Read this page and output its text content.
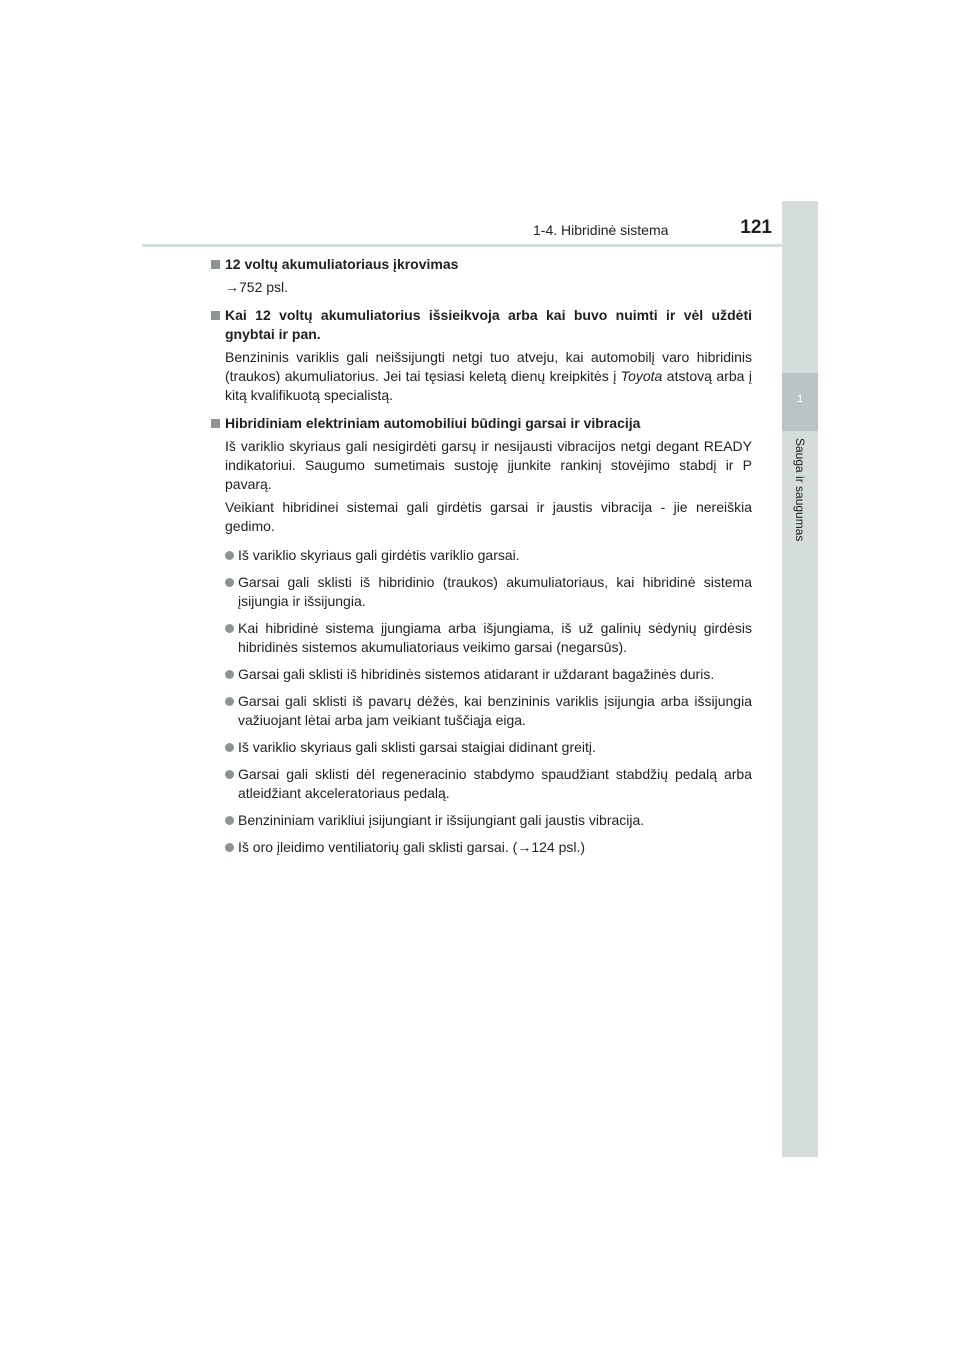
1-4. Hibridinė sistema	121
1
Sauga ir saugumas
12 voltų akumuliatoriaus įkrovimas
→752 psl.
Kai 12 voltų akumuliatorius išsieikvoja arba kai buvo nuimti ir vėl uždėti gnybtai ir pan.
Benzininis variklis gali neišsijungti netgi tuo atveju, kai automobilį varo hibridinis (traukos) akumuliatorius. Jei tai tęsiasi keletą dienų kreipkitės į Toyota atstovą arba į kitą kvalifikuotą specialistą.
Hibridiniam elektriniam automobiliui būdingi garsai ir vibracija
Iš variklio skyriaus gali nesigirdėti garsų ir nesijausti vibracijos netgi degant READY indikatoriui. Saugumo sumetimais sustoję įjunkite rankinį stovėjimo stabdį ir P pavarą.
Veikiant hibridinei sistemai gali girdėtis garsai ir jaustis vibracija - jie nereiškia gedimo.
Iš variklio skyriaus gali girdėtis variklio garsai.
Garsai gali sklisti iš hibridinio (traukos) akumuliatoriaus, kai hibridinė sistema įsijungia ir išsijungia.
Kai hibridinė sistema įjungiama arba išjungiama, iš už galinių sėdynių girdėsis hibridinės sistemos akumuliatoriaus veikimo garsai (negarsūs).
Garsai gali sklisti iš hibridinės sistemos atidarant ir uždarant bagažinės duris.
Garsai gali sklisti iš pavarų dėžės, kai benzininis variklis įsijungia arba išsijungia važiuojant lėtai arba jam veikiant tuščiąja eiga.
Iš variklio skyriaus gali sklisti garsai staigiai didinant greitį.
Garsai gali sklisti dėl regeneracinio stabdymo spaudžiant stabdžių pedalą arba atleidžiant akceleratoriaus pedalą.
Benzininiam varikliui įsijungiant ir išsijungiant gali jaustis vibracija.
Iš oro įleidimo ventiliatorių gali sklisti garsai. (→124 psl.)
